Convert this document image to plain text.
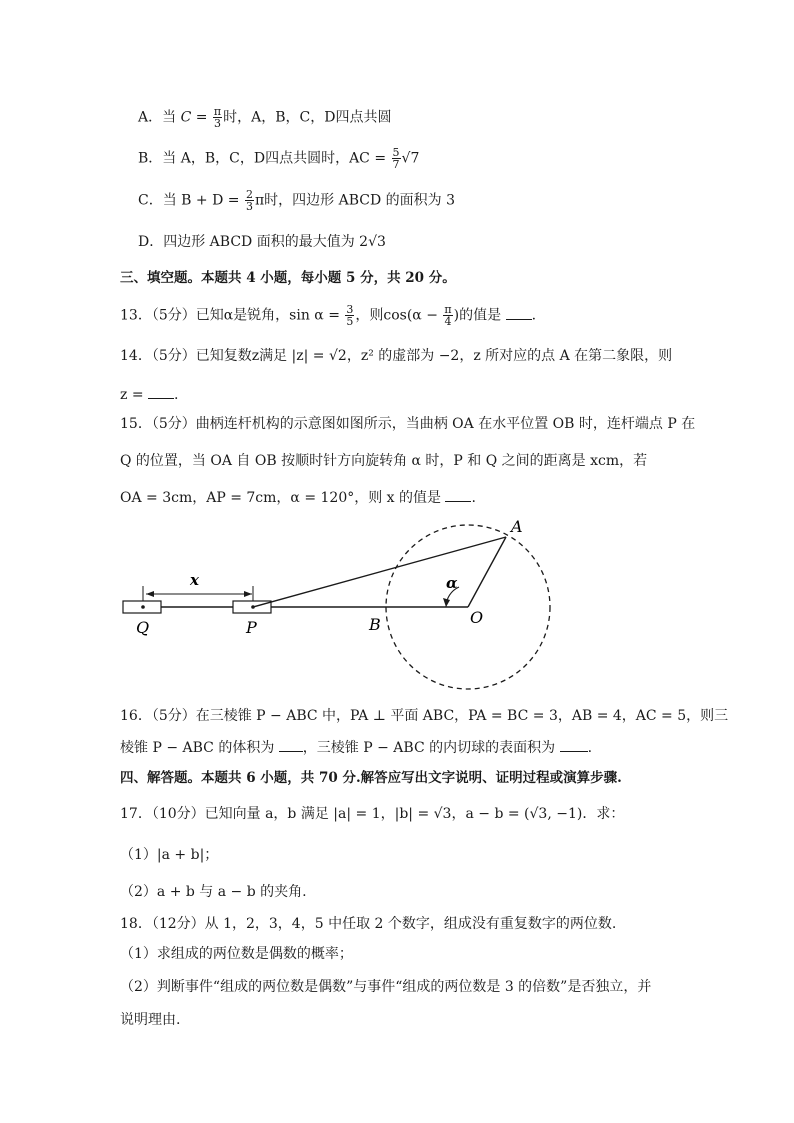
A．当 $C = \frac{\pi}{3}$ 时，A，B，C，D四点共圆
B．当 A，B，C，D四点共圆时，AC = $\frac{5}{7} √7$
C．当 $B + D = \frac{2}{3}$ π时，四边形 ABCD 的面积为 3
D．四边形 ABCD 面积的最大值为 2√3
三、填空题。本题共 4 小题，每小题 5 分，共 20 分。
13．（5分）已知α是锐角，$\sin \alpha = \frac{3}{5}$ ，则$\cos(\alpha - \frac{\pi}{4}$ )的值是 .
14．（5分）已知复数z满足 |z| = √2，z² 的虚部为 −2，z 所对应的点 A 在第二象限，则
z = .
15．（5分）曲柄连杆机构的示意图如图所示，当曲柄 OA 在水平位置 OB 时，连杆端点 P 在
Q 的位置，当 OA 自 OB 按顺时针方向旋转角 α 时，P 和 Q 之间的距离是 xcm，若
OA = 3cm，AP = 7cm，α = 120°，则 x 的值是 .
x
A
α
O
B
P
Q
16．（5分）在三棱锥 P − ABC 中，PA ⊥ 平面 ABC，PA = BC = 3，AB = 4，AC = 5，则三
棱锥 P − ABC 的体积为 ，三棱锥 P − ABC 的内切球的表面积为 .
四、解答题。本题共 6 小题，共 70 分.解答应写出文字说明、证明过程或演算步骤.
17．（10分）已知向量 a，b 满足 |a| = 1，|b| = √3，a − b = (√3, −1)．求：
（1）|a + b|；
（2）a + b 与 a − b 的夹角.
18．（12分）从 1，2，3，4，5 中任取 2 个数字，组成没有重复数字的两位数.
（1）求组成的两位数是偶数的概率；
（2）判断事件“组成的两位数是偶数”与事件“组成的两位数是 3 的倍数”是否独立，并
说明理由.
